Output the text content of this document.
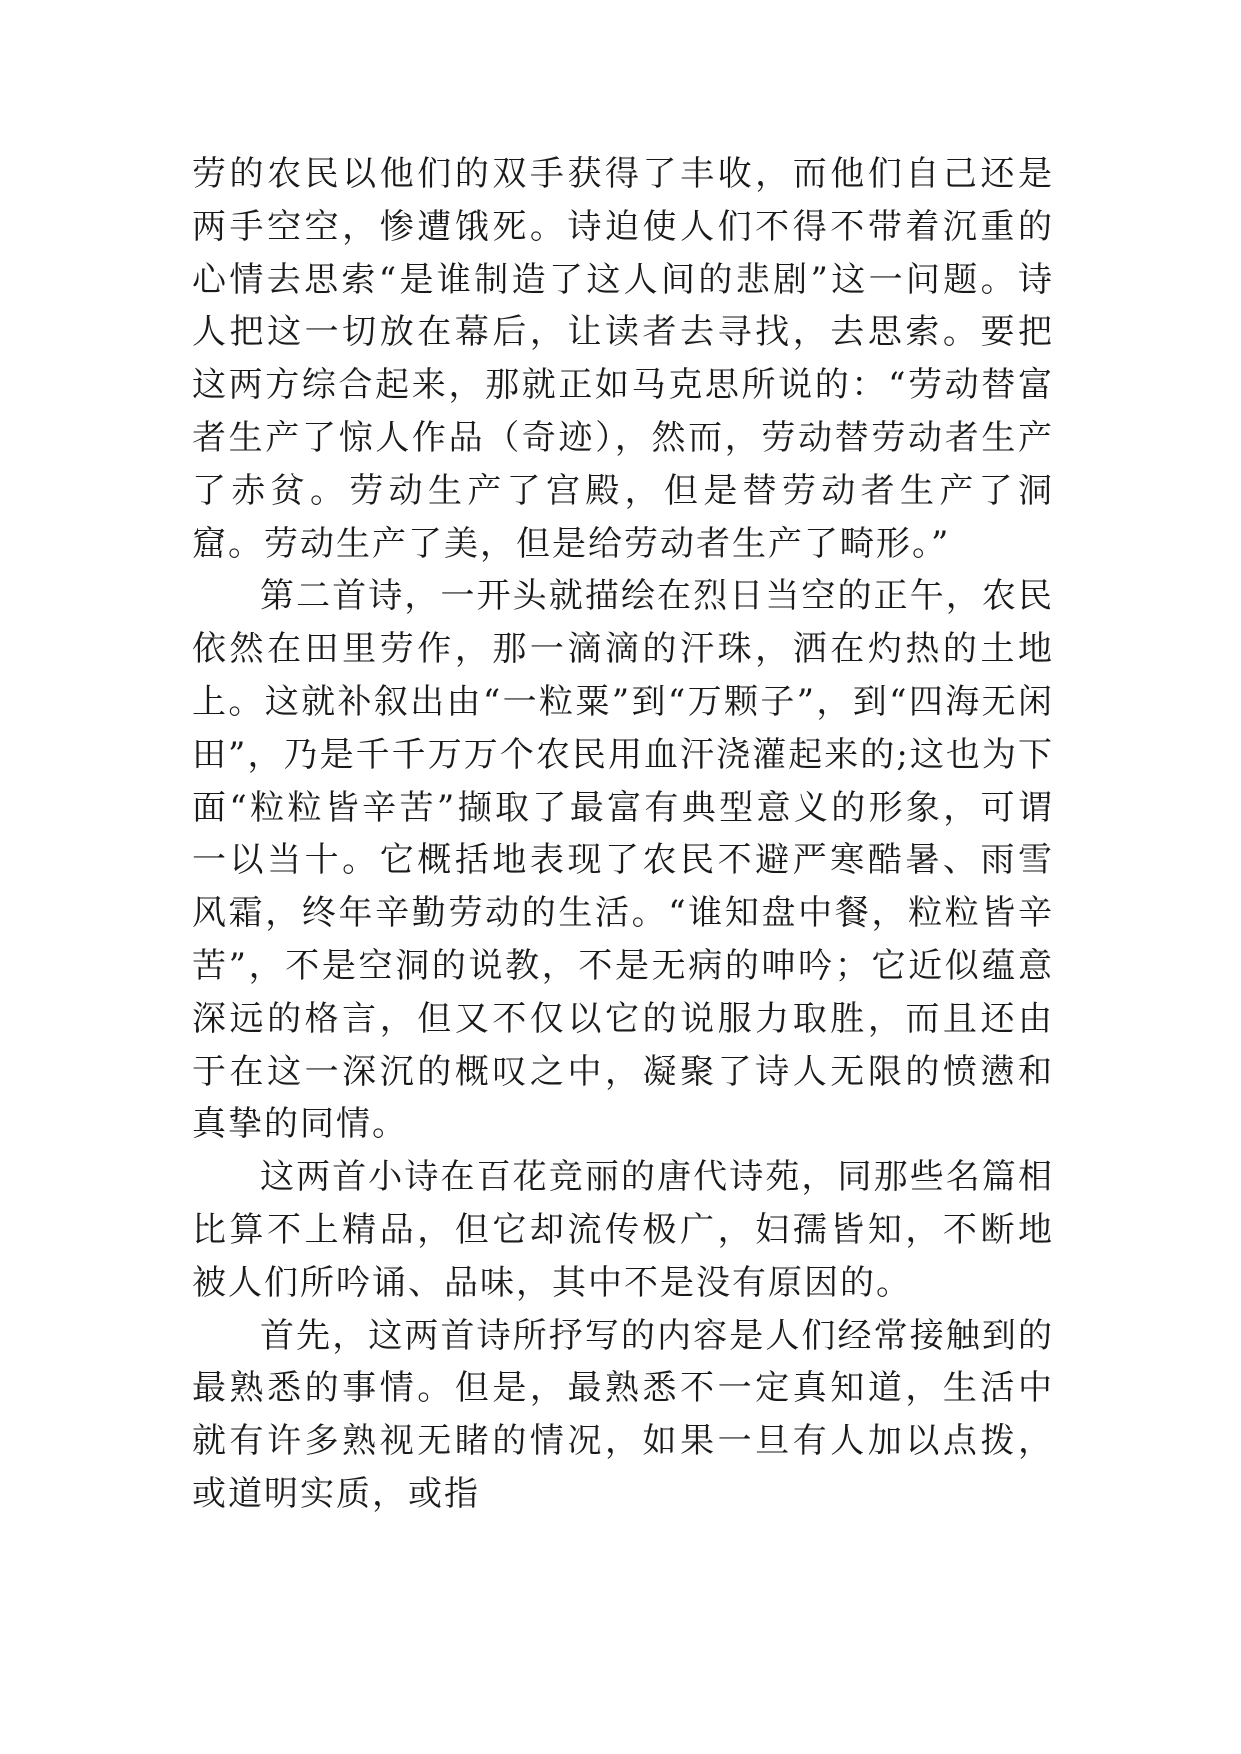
劳的农民以他们的双手获得了丰收，而他们自己还是两手空空，惨遭饿死。诗迫使人们不得不带着沉重的心情去思索“是谁制造了这人间的悲剧”这一问题。诗人把这一切放在幕后，让读者去寻找，去思索。要把这两方综合起来，那就正如马克思所说的：“劳动替富者生产了惊人作品（奇迹），然而，劳动替劳动者生产了赤贫。劳动生产了宫殿，但是替劳动者生产了洞窟。劳动生产了美，但是给劳动者生产了畸形。”

第二首诗，一开头就描绘在烈日当空的正午，农民依然在田里劳作，那一滴滴的汗珠，洒在灼热的土地上。这就补叙出由“一粒粟”到“万颗子”，到“四海无闲田”，乃是千千万万个农民用血汗浇灌起来的;这也为下面“粒粒皆辛苦”撷取了最富有典型意义的形象，可谓一以当十。它概括地表现了农民不避严寒酷暑、雨雪风霜，终年辛勤劳动的生活。“谁知盘中餐，粒粒皆辛苦”，不是空洞的说教，不是无病的呻吟；它近似蕴意深远的格言，但又不仅以它的说服力取胜，而且还由于在这一深沉的概叹之中，凝聚了诗人无限的愤懑和真挚的同情。

这两首小诗在百花竞丽的唐代诗苑，同那些名篇相比算不上精品，但它却流传极广，妇孺皆知，不断地被人们所吟诵、品味，其中不是没有原因的。

首先，这两首诗所抒写的内容是人们经常接触到的最熟悉的事情。但是，最熟悉不一定真知道，生活中就有许多熟视无睹的情况，如果一旦有人加以点拨，或道明实质，或指
